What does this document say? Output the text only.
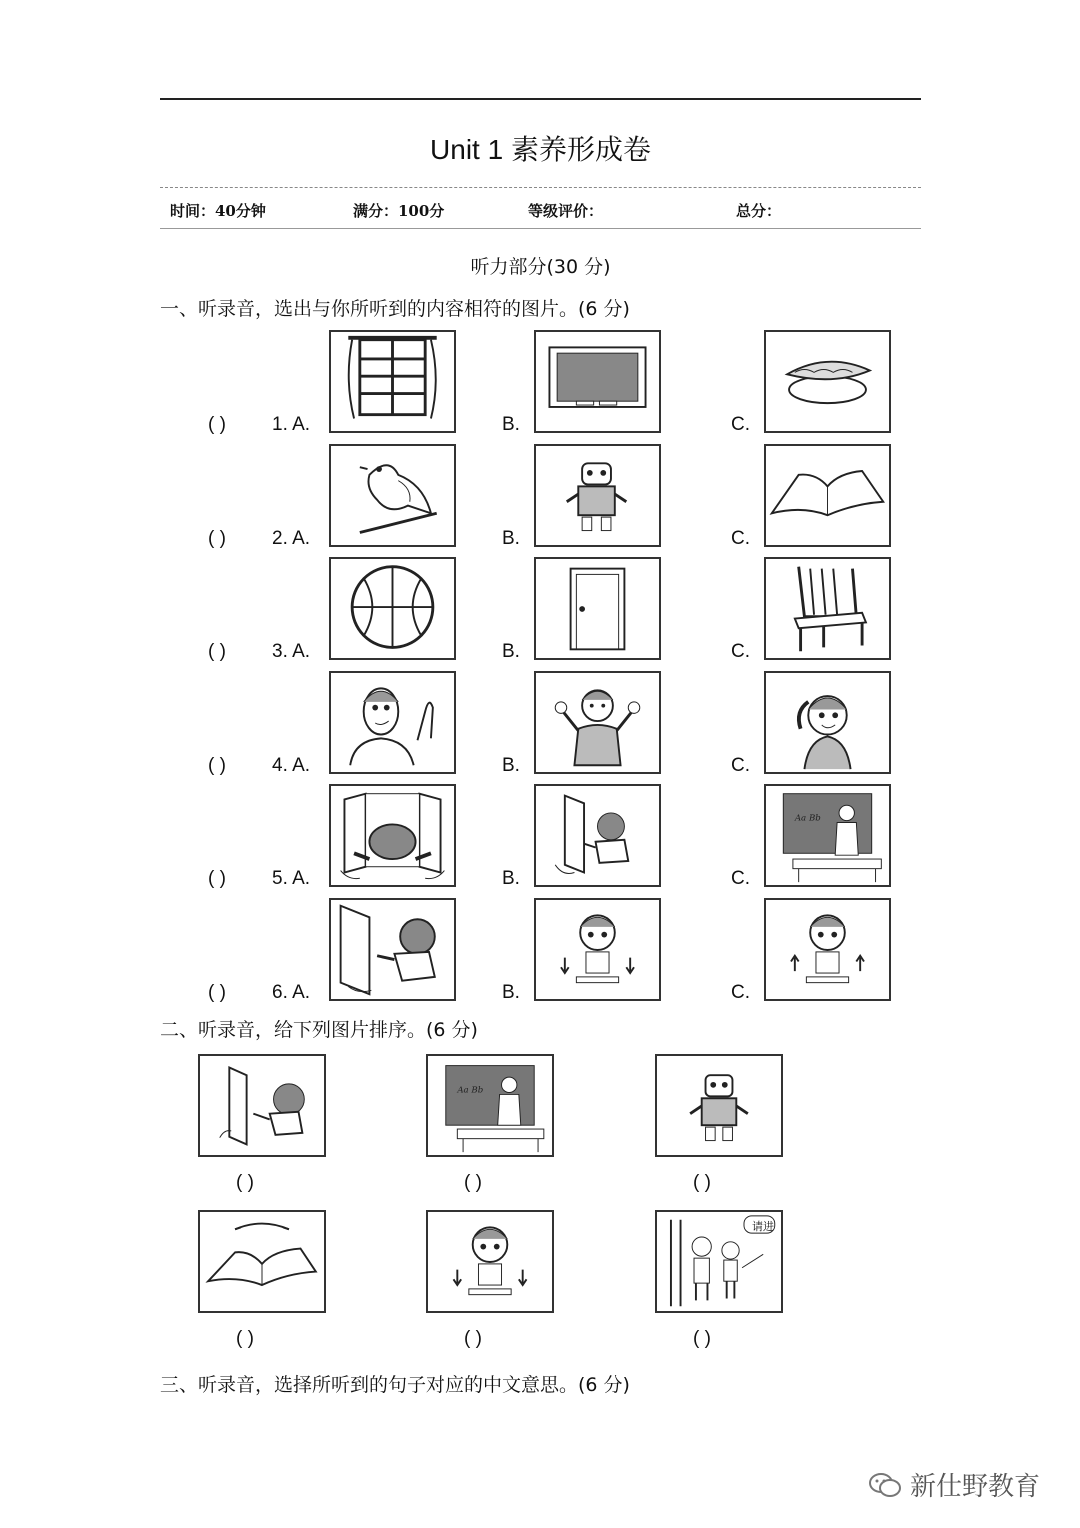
Unit 1 素养形成卷
时间：40分钟	满分：100分	等级评价：	总分：
听力部分(30 分)
一、听录音，选出与你所听到的内容相符的图片。(6 分)
( ) 1. A.	B.	C.
( ) 2. A.	B.	C.
( ) 3. A.	B.	C.
( ) 4. A.	B.	C.
( ) 5. A.	B.	C.
Aa Bb
( ) 6. A.	B.	C.
二、听录音，给下列图片排序。(6 分)
Aa Bb
( )	( )	( )
请进
( )	( )	( )
三、听录音，选择所听到的句子对应的中文意思。(6 分)
新仕野教育
